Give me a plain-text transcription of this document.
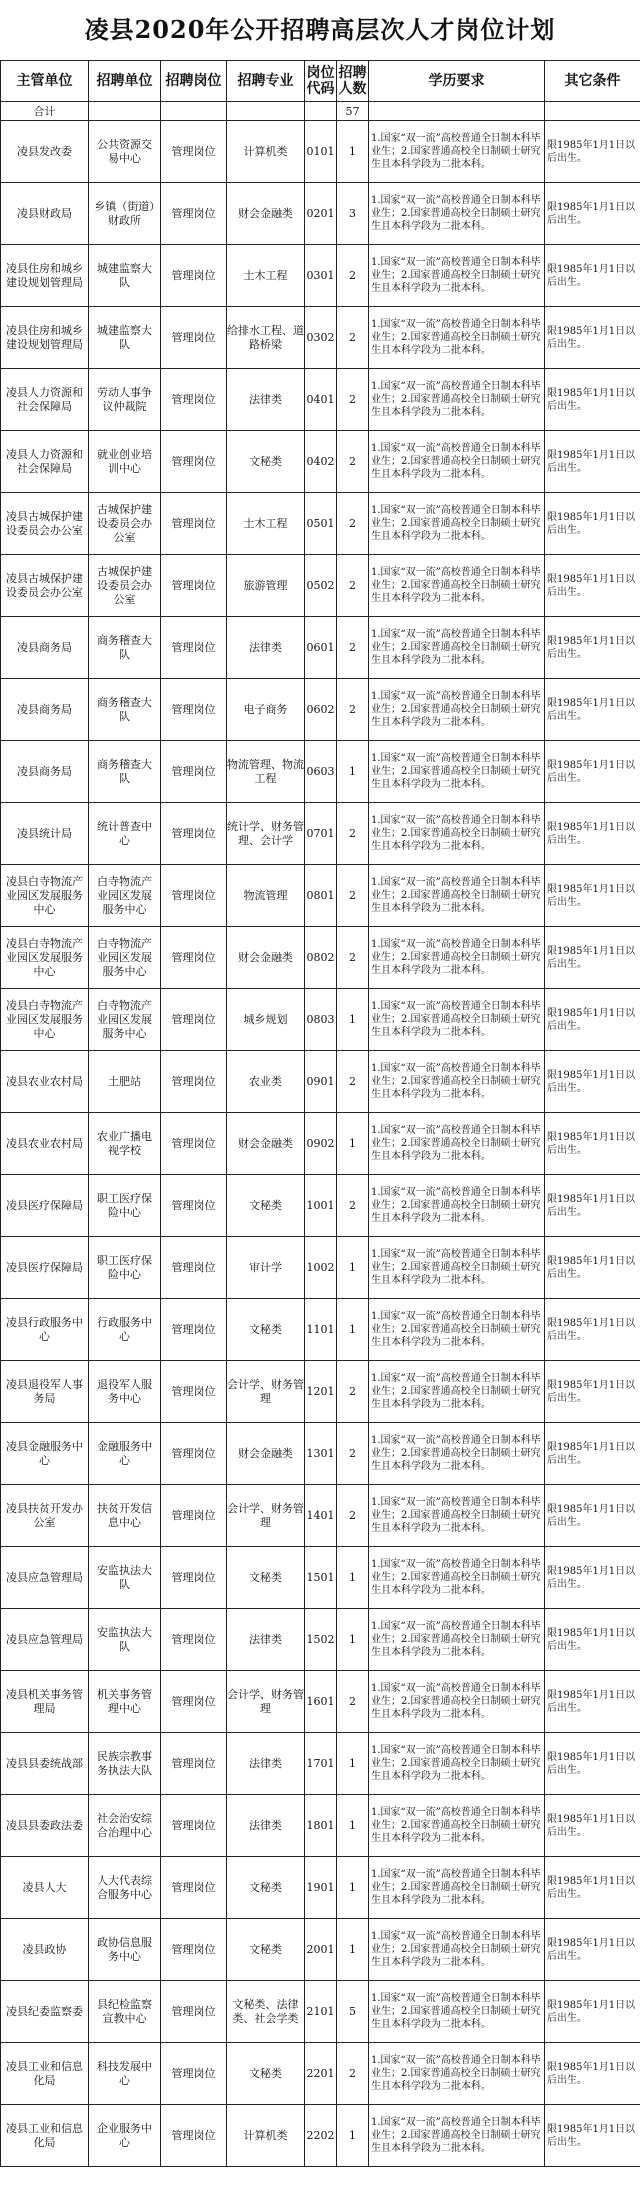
凌县2020年公开招聘高层次人才岗位计划
主管单位	招聘单位	招聘岗位	招聘专业	岗位代码	招聘人数	学历要求	其它条件
合计					57		
凌县发改委	公共资源交易中心	管理岗位	计算机类	0101	1	1.国家“双一流”高校普通全日制本科毕业生；2.国家普通高校全日制硕士研究生且本科学段为二批本科。	限1985年1月1日以后出生。
凌县财政局	乡镇（街道）财政所	管理岗位	财会金融类	0201	3	1.国家“双一流”高校普通全日制本科毕业生；2.国家普通高校全日制硕士研究生且本科学段为二批本科。	限1985年1月1日以后出生。
凌县住房和城乡建设规划管理局	城建监察大队	管理岗位	土木工程	0301	2	1.国家“双一流”高校普通全日制本科毕业生；2.国家普通高校全日制硕士研究生且本科学段为二批本科。	限1985年1月1日以后出生。
凌县住房和城乡建设规划管理局	城建监察大队	管理岗位	给排水工程、道路桥梁	0302	2	1.国家“双一流”高校普通全日制本科毕业生；2.国家普通高校全日制硕士研究生且本科学段为二批本科。	限1985年1月1日以后出生。
凌县人力资源和社会保障局	劳动人事争议仲裁院	管理岗位	法律类	0401	2	1.国家“双一流”高校普通全日制本科毕业生；2.国家普通高校全日制硕士研究生且本科学段为二批本科。	限1985年1月1日以后出生。
凌县人力资源和社会保障局	就业创业培训中心	管理岗位	文秘类	0402	2	1.国家“双一流”高校普通全日制本科毕业生；2.国家普通高校全日制硕士研究生且本科学段为二批本科。	限1985年1月1日以后出生。
凌县古城保护建设委员会办公室	古城保护建设委员会办公室	管理岗位	土木工程	0501	2	1.国家“双一流”高校普通全日制本科毕业生；2.国家普通高校全日制硕士研究生且本科学段为二批本科。	限1985年1月1日以后出生。
凌县古城保护建设委员会办公室	古城保护建设委员会办公室	管理岗位	旅游管理	0502	2	1.国家“双一流”高校普通全日制本科毕业生；2.国家普通高校全日制硕士研究生且本科学段为二批本科。	限1985年1月1日以后出生。
凌县商务局	商务稽查大队	管理岗位	法律类	0601	2	1.国家“双一流”高校普通全日制本科毕业生；2.国家普通高校全日制硕士研究生且本科学段为二批本科。	限1985年1月1日以后出生。
凌县商务局	商务稽查大队	管理岗位	电子商务	0602	2	1.国家“双一流”高校普通全日制本科毕业生；2.国家普通高校全日制硕士研究生且本科学段为二批本科。	限1985年1月1日以后出生。
凌县商务局	商务稽查大队	管理岗位	物流管理、物流工程	0603	1	1.国家“双一流”高校普通全日制本科毕业生；2.国家普通高校全日制硕士研究生且本科学段为二批本科。	限1985年1月1日以后出生。
凌县统计局	统计普查中心	管理岗位	统计学、财务管理、会计学	0701	2	1.国家“双一流”高校普通全日制本科毕业生；2.国家普通高校全日制硕士研究生且本科学段为二批本科。	限1985年1月1日以后出生。
凌县白寺物流产业园区发展服务中心	白寺物流产业园区发展服务中心	管理岗位	物流管理	0801	2	1.国家“双一流”高校普通全日制本科毕业生；2.国家普通高校全日制硕士研究生且本科学段为二批本科。	限1985年1月1日以后出生。
凌县白寺物流产业园区发展服务中心	白寺物流产业园区发展服务中心	管理岗位	财会金融类	0802	2	1.国家“双一流”高校普通全日制本科毕业生；2.国家普通高校全日制硕士研究生且本科学段为二批本科。	限1985年1月1日以后出生。
凌县白寺物流产业园区发展服务中心	白寺物流产业园区发展服务中心	管理岗位	城乡规划	0803	1	1.国家“双一流”高校普通全日制本科毕业生；2.国家普通高校全日制硕士研究生且本科学段为二批本科。	限1985年1月1日以后出生。
凌县农业农村局	土肥站	管理岗位	农业类	0901	2	1.国家“双一流”高校普通全日制本科毕业生；2.国家普通高校全日制硕士研究生且本科学段为二批本科。	限1985年1月1日以后出生。
凌县农业农村局	农业广播电视学校	管理岗位	财会金融类	0902	1	1.国家“双一流”高校普通全日制本科毕业生；2.国家普通高校全日制硕士研究生且本科学段为二批本科。	限1985年1月1日以后出生。
凌县医疗保障局	职工医疗保险中心	管理岗位	文秘类	1001	2	1.国家“双一流”高校普通全日制本科毕业生；2.国家普通高校全日制硕士研究生且本科学段为二批本科。	限1985年1月1日以后出生。
凌县医疗保障局	职工医疗保险中心	管理岗位	审计学	1002	1	1.国家“双一流”高校普通全日制本科毕业生；2.国家普通高校全日制硕士研究生且本科学段为二批本科。	限1985年1月1日以后出生。
凌县行政服务中心	行政服务中心	管理岗位	文秘类	1101	1	1.国家“双一流”高校普通全日制本科毕业生；2.国家普通高校全日制硕士研究生且本科学段为二批本科。	限1985年1月1日以后出生。
凌县退役军人事务局	退役军人服务中心	管理岗位	会计学、财务管理	1201	2	1.国家“双一流”高校普通全日制本科毕业生；2.国家普通高校全日制硕士研究生且本科学段为二批本科。	限1985年1月1日以后出生。
凌县金融服务中心	金融服务中心	管理岗位	财会金融类	1301	2	1.国家“双一流”高校普通全日制本科毕业生；2.国家普通高校全日制硕士研究生且本科学段为二批本科。	限1985年1月1日以后出生。
凌县扶贫开发办公室	扶贫开发信息中心	管理岗位	会计学、财务管理	1401	2	1.国家“双一流”高校普通全日制本科毕业生；2.国家普通高校全日制硕士研究生且本科学段为二批本科。	限1985年1月1日以后出生。
凌县应急管理局	安监执法大队	管理岗位	文秘类	1501	1	1.国家“双一流”高校普通全日制本科毕业生；2.国家普通高校全日制硕士研究生且本科学段为二批本科。	限1985年1月1日以后出生。
凌县应急管理局	安监执法大队	管理岗位	法律类	1502	1	1.国家“双一流”高校普通全日制本科毕业生；2.国家普通高校全日制硕士研究生且本科学段为二批本科。	限1985年1月1日以后出生。
凌县机关事务管理局	机关事务管理中心	管理岗位	会计学、财务管理	1601	2	1.国家“双一流”高校普通全日制本科毕业生；2.国家普通高校全日制硕士研究生且本科学段为二批本科。	限1985年1月1日以后出生。
凌县县委统战部	民族宗教事务执法大队	管理岗位	法律类	1701	1	1.国家“双一流”高校普通全日制本科毕业生；2.国家普通高校全日制硕士研究生且本科学段为二批本科。	限1985年1月1日以后出生。
凌县县委政法委	社会治安综合治理中心	管理岗位	法律类	1801	1	1.国家“双一流”高校普通全日制本科毕业生；2.国家普通高校全日制硕士研究生且本科学段为二批本科。	限1985年1月1日以后出生。
凌县人大	人大代表综合服务中心	管理岗位	文秘类	1901	1	1.国家“双一流”高校普通全日制本科毕业生；2.国家普通高校全日制硕士研究生且本科学段为二批本科。	限1985年1月1日以后出生。
凌县政协	政协信息服务中心	管理岗位	文秘类	2001	1	1.国家“双一流”高校普通全日制本科毕业生；2.国家普通高校全日制硕士研究生且本科学段为二批本科。	限1985年1月1日以后出生。
凌县纪委监察委	县纪检监察宣教中心	管理岗位	文秘类、法律类、社会学类	2101	5	1.国家“双一流”高校普通全日制本科毕业生；2.国家普通高校全日制硕士研究生且本科学段为二批本科。	限1985年1月1日以后出生。
凌县工业和信息化局	科技发展中心	管理岗位	文秘类	2201	2	1.国家“双一流”高校普通全日制本科毕业生；2.国家普通高校全日制硕士研究生且本科学段为二批本科。	限1985年1月1日以后出生。
凌县工业和信息化局	企业服务中心	管理岗位	计算机类	2202	1	1.国家“双一流”高校普通全日制本科毕业生；2.国家普通高校全日制硕士研究生且本科学段为二批本科。	限1985年1月1日以后出生。
